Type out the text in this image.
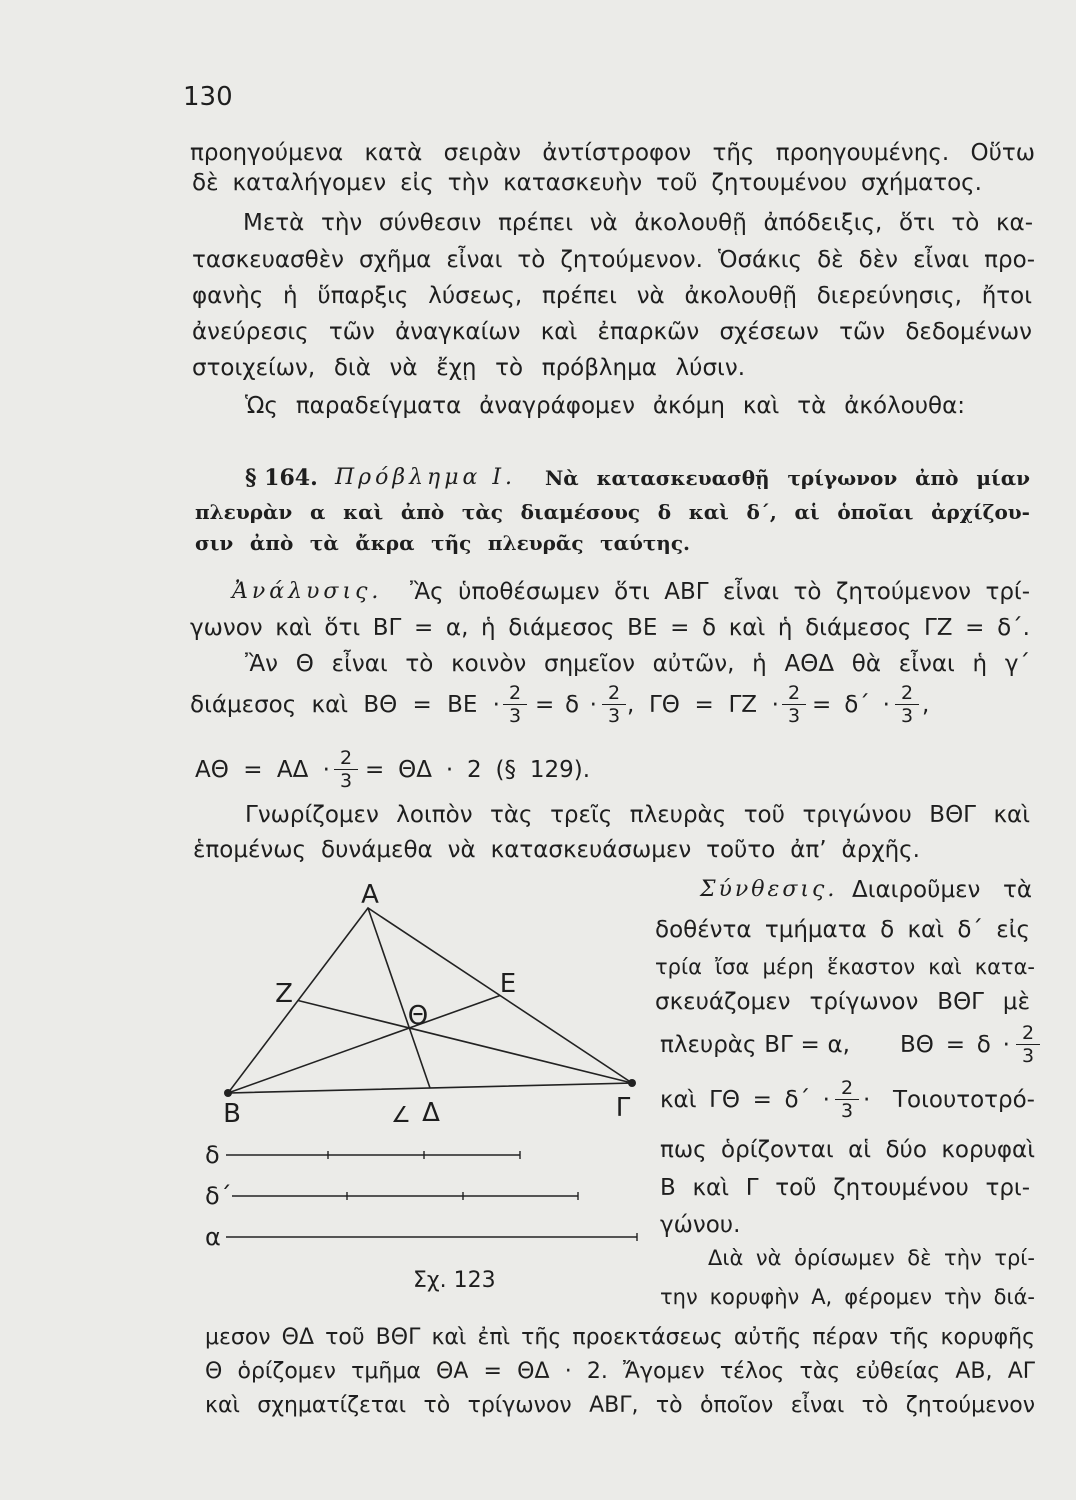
130
προηγούμενα κατὰ σειρὰν ἀντίστροφον τῆς προηγουμένης. Οὕτω
δὲ καταλήγομεν εἰς τὴν κατασκευὴν τοῦ ζητουμένου σχήματος.
Μετὰ τὴν σύνθεσιν πρέπει νὰ ἀκολουθῇ ἀπόδειξις, ὅτι τὸ κα-
τασκευασθὲν σχῆμα εἶναι τὸ ζητούμενον. Ὁσάκις δὲ δὲν εἶναι προ-
φανὴς ἡ ὕπαρξις λύσεως, πρέπει νὰ ἀκολουθῇ διερεύνησις, ἤτοι
ἀνεύρεσις τῶν ἀναγκαίων καὶ ἐπαρκῶν σχέσεων τῶν δεδομένων
στοιχείων, διὰ νὰ ἔχῃ τὸ πρόβλημα λύσιν.
Ὡς παραδείγματα ἀναγράφομεν ἀκόμη καὶ τὰ ἀκόλουθα:
§ 164. Πρόβλημα Ι. Νὰ κατασκευασθῇ τρίγωνον ἀπὸ μίαν
πλευρὰν α καὶ ἀπὸ τὰς διαμέσους δ καὶ δ΄, αἱ ὁποῖαι ἀρχίζου-
σιν ἀπὸ τὰ ἄκρα τῆς πλευρᾶς ταύτης.
Ἀνάλυσις. Ἂς ὑποθέσωμεν ὅτι ΑΒΓ εἶναι τὸ ζητούμενον τρί-
γωνον καὶ ὅτι ΒΓ = α, ἡ διάμεσος ΒΕ = δ καὶ ἡ διάμεσος ΓΖ = δ΄.
Ἂν Θ εἶναι τὸ κοινὸν σημεῖον αὐτῶν, ἡ ΑΘΔ θὰ εἶναι ἡ γ΄
διάμεσος καὶ $B\Theta = BE \cdot \frac{2}{3} = \delta \cdot \frac{2}{3}$ , $\Gamma\Theta = \Gamma Z \cdot \frac{2}{3} = \delta΄ \cdot \frac{2}{3}$ ,
$A\Theta = A\Delta \cdot \frac{2}{3} = \Theta\Delta \cdot 2$ (§ 129).
Γνωρίζομεν λοιπὸν τὰς τρεῖς πλευρὰς τοῦ τριγώνου ΒΘΓ καὶ
ἑπομένως δυνάμεθα νὰ κατασκευάσωμεν τοῦτο ἀπ’ ἀρχῆς.
Σύνθεσις. Διαιροῦμεν τὰ
δοθέντα τμήματα δ καὶ δ΄ εἰς
τρία ἴσα μέρη ἕκαστον καὶ κατα-
σκευάζομεν τρίγωνον ΒΘΓ μὲ
πλευρὰς ΒΓ = α, $B\Theta = \delta \cdot \frac{2}{3}$
καὶ $\Gamma\Theta = \delta΄ \cdot \frac{2}{3} \cdot To\iota o\upsilon\tau o\tau\rho ό-$
πως ὁρίζονται αἱ δύο κορυφαὶ
Β καὶ Γ τοῦ ζητουμένου τρι-
γώνου.
Διὰ νὰ ὁρίσωμεν δὲ τὴν τρί-
την κορυφὴν Α, φέρομεν τὴν διά-
μεσον ΘΔ τοῦ ΒΘΓ καὶ ἐπὶ τῆς προεκτάσεως αὐτῆς πέραν τῆς κορυφῆς
Θ ὁρίζομεν τμῆμα ΘΑ = ΘΔ · 2. Ἄγομεν τέλος τὰς εὐθείας ΑΒ, ΑΓ
καὶ σχηματίζεται τὸ τρίγωνον ΑΒΓ, τὸ ὁποῖον εἶναι τὸ ζητούμενον
Α
Β	Γ
Ζ	Ε
Θ
Δ
∠
δ
δ΄
α
Σχ. 123
